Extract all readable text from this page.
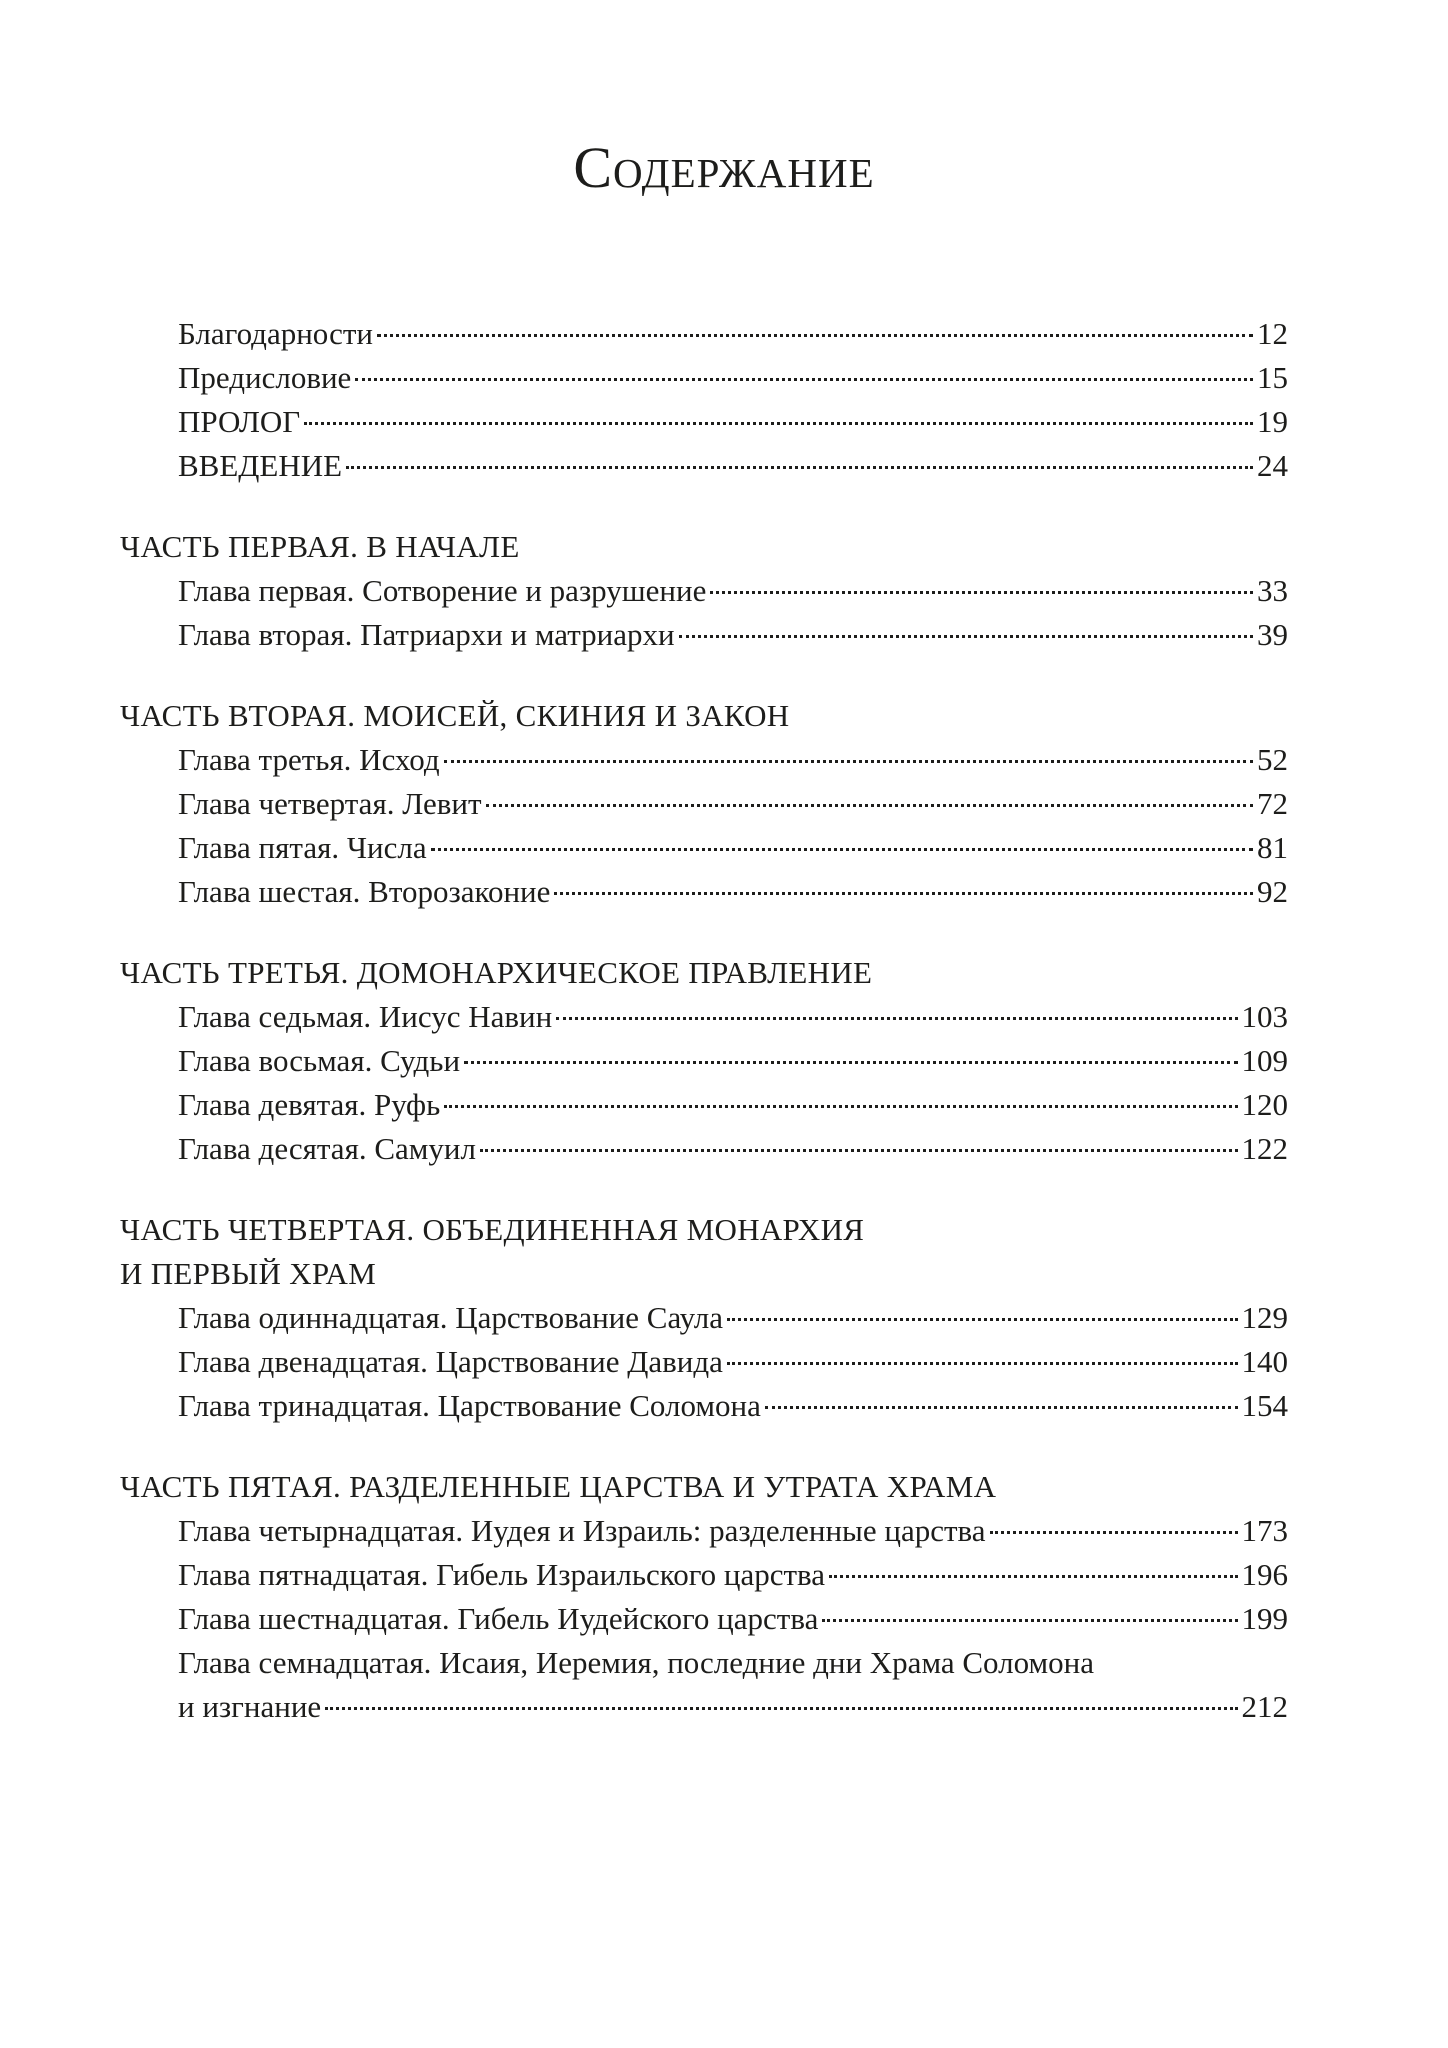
Содержание
Благодарности	12
Предисловие	15
ПРОЛОГ	19
ВВЕДЕНИЕ	24
ЧАСТЬ ПЕРВАЯ. В НАЧАЛЕ
Глава первая. Сотворение и разрушение	33
Глава вторая. Патриархи и матриархи	39
ЧАСТЬ ВТОРАЯ. МОИСЕЙ, СКИНИЯ И ЗАКОН
Глава третья. Исход	52
Глава четвертая. Левит	72
Глава пятая. Числа	81
Глава шестая. Второзаконие	92
ЧАСТЬ ТРЕТЬЯ. ДОМОНАРХИЧЕСКОЕ ПРАВЛЕНИЕ
Глава седьмая. Иисус Навин	103
Глава восьмая. Судьи	109
Глава девятая. Руфь	120
Глава десятая. Самуил	122
ЧАСТЬ ЧЕТВЕРТАЯ. ОБЪЕДИНЕННАЯ МОНАРХИЯ
И ПЕРВЫЙ ХРАМ
Глава одиннадцатая. Царствование Саула	129
Глава двенадцатая. Царствование Давида	140
Глава тринадцатая. Царствование Соломона	154
ЧАСТЬ ПЯТАЯ. РАЗДЕЛЕННЫЕ ЦАРСТВА И УТРАТА ХРАМА
Глава четырнадцатая. Иудея и Израиль: разделенные царства	173
Глава пятнадцатая. Гибель Израильского царства	196
Глава шестнадцатая. Гибель Иудейского царства	199
Глава семнадцатая. Исаия, Иеремия, последние дни Храма Соломона
и изгнание	212
